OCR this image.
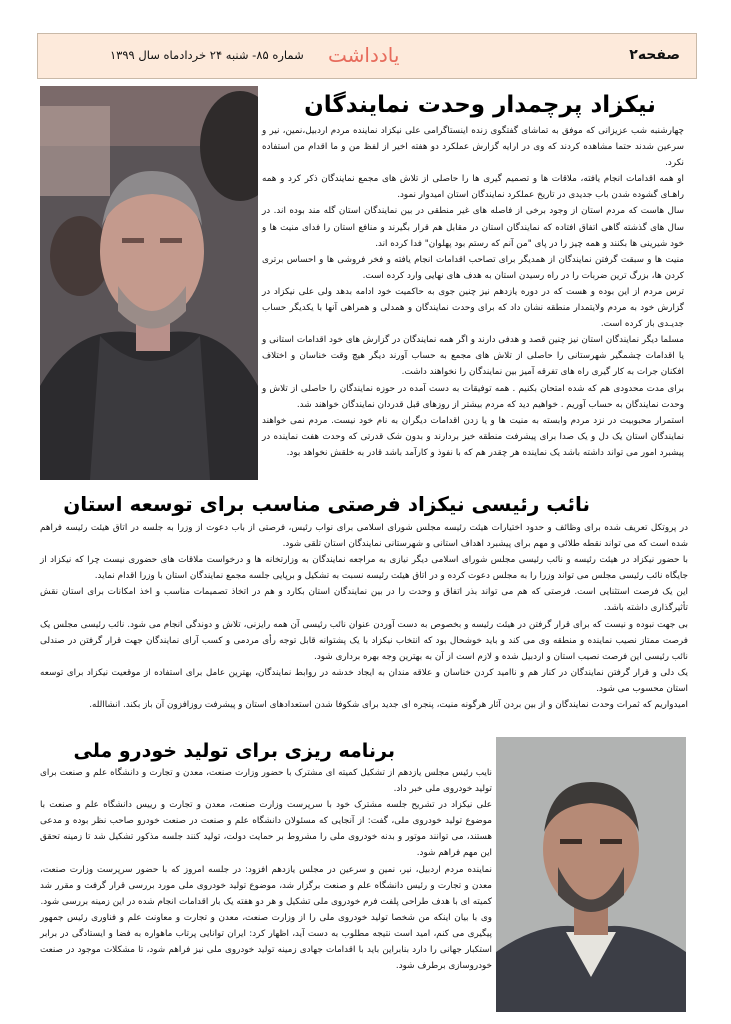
صفحه۲
یادداشت
شماره ۸۵- شنبه ۲۴ خردادماه سال ۱۳۹۹
نیکزاد پرچمدار وحدت نمایندگان

چهارشنبه شب عزیزانی که موفق به تماشای گفتگوی زنده اینستاگرامی علی نیکزاد نماینده مردم اردبیل،نمین، نیر و سرعین شدند حتما مشاهده کردند که وی در ارایه گزارش عملکرد دو هفته اخیر از لفظ من و ما اقدام من استفاده نکرد.

او همه اقدامات انجام یافته، ملاقات ها و تصمیم گیری ها را حاصلی از تلاش های مجمع نمایندگان ذکر کرد و همه راهـای گشوده شدن باب جدیدی در تاریخ عملکرد نمایندگان استان امیدوار نمود.

سال هاست که مردم استان از وجود برخی از فاصله های غیر منطقی در بین نمایندگان استان گله مند بوده اند. در سال های گذشته گاهی اتفاق افتاده که نمایندگان استان در مقابل هم قرار بگیرند و منافع استان را فدای منیت ها و خود شیرینی ها بکنند و همه چیز را در پای "من آنم که رستم بود پهلوان" فدا کرده اند.

منیت ها و سبقت گرفتن نمایندگان از همدیگر برای تصاحب اقدامات انجام یافته و فخر فروشی ها و احساس برتری کردن ها، بزرگ ترین ضربات را در راه رسیدن استان به هدف های نهایی وارد کرده است.

ترس مردم از این بوده و هست که در دوره یازدهم نیز چنین جوی به حاکمیت خود ادامه بدهد ولی علی نیکزاد در گزارش خود به مردم ولایتمدار منطقه نشان داد که برای وحدت نمایندگان و همدلی و همراهی آنها با یکدیگر حساب جدیـدی باز کرده است.

مسلما دیگر نمایندگان استان نیز چنین قصد و هدفی دارند و اگر همه نمایندگان در گزارش های خود اقدامات استانی و یا اقدامات چشمگیر شهرستانی را حاصلی از تلاش های مجمع به حساب آورند دیگر هیچ وقت خناسان و اختلاف افکنان جرات به کار گیری راه های تفرقه آمیز بین نمایندگان را نخواهند داشت.

برای مدت محدودی هم که شده امتحان بکنیم . همه توفیقات به دست آمده در حوزه نمایندگان را حاصلی از تلاش و وحدت نمایندگان به حساب آوریم . خواهیم دید که مردم بیشتر از روزهای قبل قدردان نمایندگان خواهند شد.

استمرار محبوبیت در نزد مردم وابسته به منیت ها و یا زدن اقدامات دیگران به نام خود نیست. مردم نمی خواهند نمایندگان استان یک دل و یک صدا برای پیشرفت منطقه خیز بردارند و بدون شک قدرتی که وحدت هفت نماینده در پیشبرد امور می تواند داشته باشد یک نماینده هر چقدر هم که با نفوذ و کارآمد باشد قادر به خلقش نخواهد بود.

نائب رئیسی نیکزاد فرصتی مناسب برای توسعه استان

در پروتکل تعریف شده برای وظائف و حدود اختیارات هیئت رئیسه مجلس شورای اسلامی برای نواب رئیس، فرصتی از باب دعوت از وزرا به جلسه در اتاق هیئت رئیسه فراهم شده است که می تواند نقطه طلائی و مهم برای پیشبرد اهداف استانی و شهرستانی نمایندگان استان تلقی شود.

با حضور نیکزاد در هیئت رئیسه و نائب رئیسی مجلس شورای اسلامی دیگر نیازی به مراجعه نمایندگان به وزارتخانه ها و درخواست ملاقات های حضوری نیست چرا که نیکزاد از جایگاه نائب رئیسی مجلس می تواند وزرا را به مجلس دعوت کرده و در اتاق هیئت رئیسه نسبت به تشکیل و برپایی جلسه مجمع نمایندگان استان با وزرا اقدام نماید.

این یک فرصت استثنایی است. فرصتی که هم می تواند بذر اتفاق و وحدت را در بین نمایندگان استان بکارد و هم در اتخاذ تصمیمات مناسب و اخذ امکانات برای استان نقش تأثیرگذاری داشته باشد.

بی جهت نبوده و نیست که برای قرار گرفتن در هیئت رئیسه و بخصوص به دست آوردن عنوان نائب رئیسی آن همه رایزنی، تلاش و دوندگی انجام می شود. نائب رئیسی مجلس یک فرصت ممتاز نصیب نماینده و منطقه وی می کند و باید خوشحال بود که انتخاب نیکزاد با یک پشتوانه قابل توجه رأی مردمی و کسب آرای نمایندگان جهت قرار گرفتن در صندلی نائب رئیسی این فرصت نصیب استان و اردبیل شده و لازم است از آن به بهترین وجه بهره برداری شود.

یک دلی و قرار گرفتن نمایندگان در کنار هم و ناامید کردن خناسان و علاقه مندان به ایجاد خدشه در روابط نمایندگان، بهترین عامل برای استفاده از موقعیت نیکزاد برای توسعه استان محسوب می شود.

امیدواریم که ثمرات وحدت نمایندگان و از بین بردن آثار هرگونه منیت، پنجره ای جدید برای شکوفا شدن استعدادهای استان و پیشرفت روزافزون آن باز بکند. انشاالله.

برنامه ریزی برای تولید خودرو ملی

نایب رئیس مجلس یازدهم از تشکیل کمیته ای مشترک با حضور وزارت صنعت، معدن و تجارت و دانشگاه علم و صنعت برای تولید خودروی ملی خبر داد.

علی نیکزاد در تشریح جلسه مشترک خود با سرپرست وزارت صنعت، معدن و تجارت و رییس دانشگاه علم و صنعت با موضوع تولید خودروی ملی، گفت: از آنجایی که مسئولان دانشگاه علم و صنعت در صنعت خودرو صاحب نظر بوده و مدعی هستند، می توانند موتور و بدنه خودروی ملی را مشروط بر حمایت دولت، تولید کنند جلسه مذکور تشکیل شد تا زمینه تحقق این مهم فراهم شود.

نماینده مردم اردبیل، نیر، نمین و سرعین در مجلس یازدهم افزود: در جلسه امروز که با حضور سرپرست وزارت صنعت، معدن و تجارت و رئیس دانشگاه علم و صنعت برگزار شد، موضوع تولید خودروی ملی مورد بررسی قرار گرفت و مقرر شد کمیته ای با هدف طراحی پلفت فرم خودروی ملی تشکیل و هر دو هفته یک بار اقدامات انجام شده در این زمینه بررسی شود.

وی با بیان اینکه من شخصا تولید خودروی ملی را از وزارت صنعت، معدن و تجارت و معاونت علم و فناوری رئیس جمهور پیگیری می کنم، امید است نتیجه مطلوب به دست آید، اظهار کرد: ایران توانایی پرتاب ماهواره به فضا و ایستادگی در برابر استکبار جهانی را دارد بنابراین باید با اقدامات جهادی زمینه تولید خودروی ملی نیز فراهم شود، تا مشکلات موجود در صنعت خودروسازی برطرف شود.
